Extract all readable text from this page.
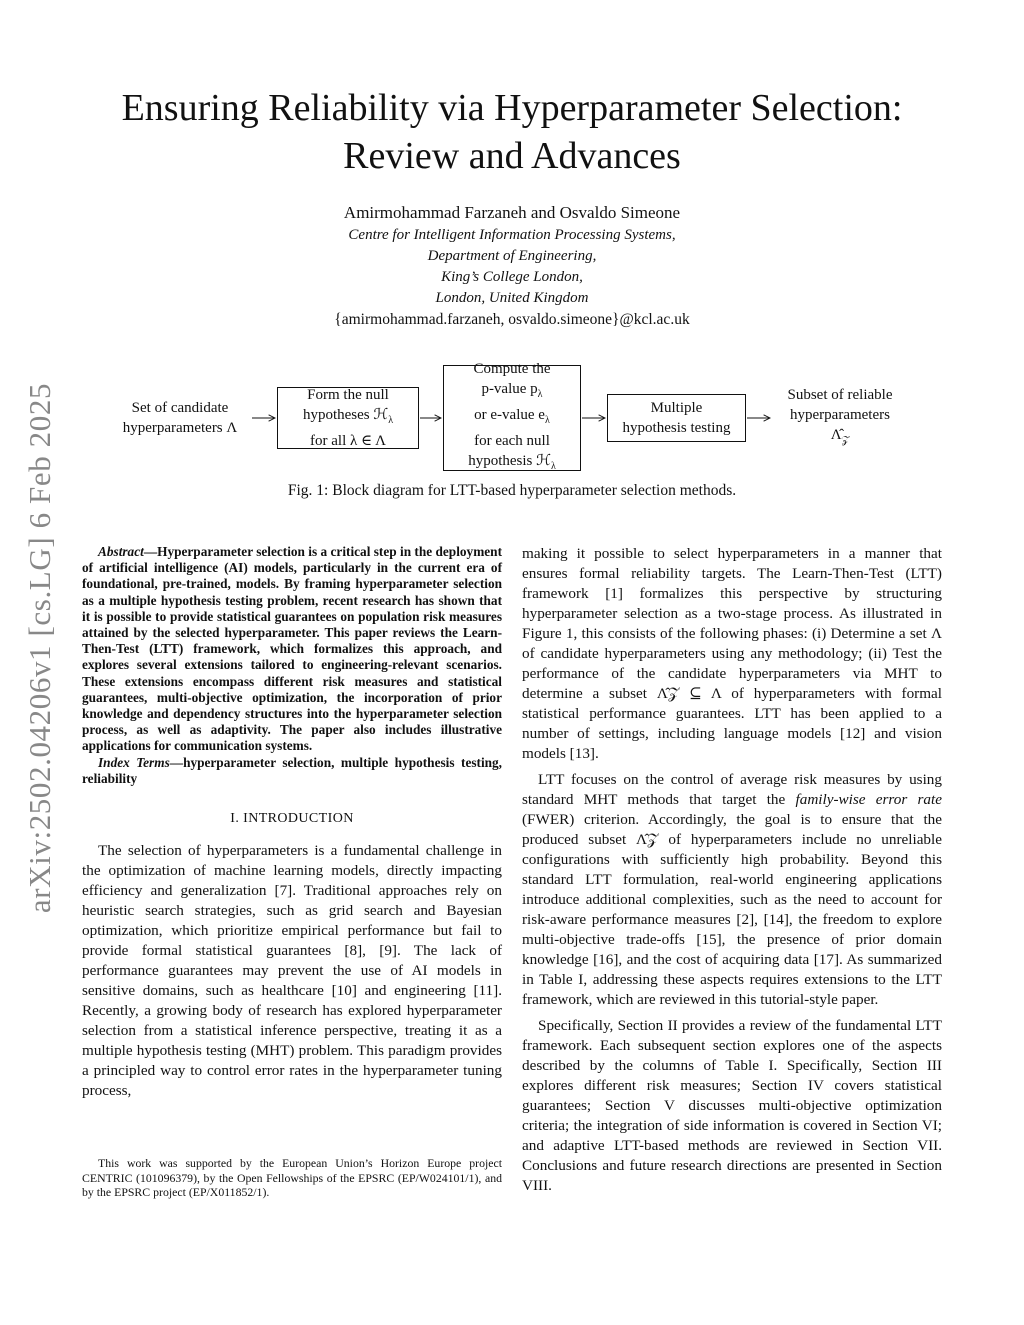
arXiv:2502.04206v1 [cs.LG] 6 Feb 2025
Ensuring Reliability via Hyperparameter Selection:
Review and Advances
Amirmohammad Farzaneh and Osvaldo Simeone
Centre for Intelligent Information Processing Systems,
Department of Engineering,
King’s College London,
London, United Kingdom
{amirmohammad.farzaneh, osvaldo.simeone}@kcl.ac.uk
Set of candidate
hyperparameters Λ
Form the null
hypotheses ℋ$_\lambda$
for all λ ∈ Λ
Compute the
p-value $p_\lambda$
or e-value $e_\lambda$
for each null
hypothesis ℋ$_\lambda$
Multiple
hypothesis testing
Subset of reliable
hyperparameters
$\Lambdâ_𝒵$
Fig. 1: Block diagram for LTT-based hyperparameter selection methods.

Abstract—Hyperparameter selection is a critical step in the deployment of artificial intelligence (AI) models, particularly in the current era of foundational, pre-trained, models. By framing hyperparameter selection as a multiple hypothesis testing problem, recent research has shown that it is possible to provide statistical guarantees on population risk measures attained by the selected hyperparameter. This paper reviews the Learn-Then-Test (LTT) framework, which formalizes this approach, and explores several extensions tailored to engineering-relevant scenarios. These extensions encompass different risk measures and statistical guarantees, multi-objective optimization, the incorporation of prior knowledge and dependency structures into the hyperparameter selection process, as well as adaptivity. The paper also includes illustrative applications for communication systems.

Index Terms—hyperparameter selection, multiple hypothesis testing, reliability

I. INTRODUCTION

The selection of hyperparameters is a fundamental challenge in the optimization of machine learning models, directly impacting efficiency and generalization [7]. Traditional approaches rely on heuristic search strategies, such as grid search and Bayesian optimization, which prioritize empirical performance but fail to provide formal statistical guarantees [8], [9]. The lack of performance guarantees may prevent the use of AI models in sensitive domains, such as healthcare [10] and engineering [11]. Recently, a growing body of research has explored hyperparameter selection from a statistical inference perspective, treating it as a multiple hypothesis testing (MHT) problem. This paradigm provides a principled way to control error rates in the hyperparameter tuning process,

This work was supported by the European Union’s Horizon Europe project CENTRIC (101096379), by the Open Fellowships of the EPSRC (EP/W024101/1), and by the EPSRC project (EP/X011852/1).

making it possible to select hyperparameters in a manner that ensures formal reliability targets. The Learn-Then-Test (LTT) framework [1] formalizes this perspective by structuring hyperparameter selection as a two-stage process. As illustrated in Figure 1, this consists of the following phases: (i) Determine a set Λ of candidate hyperparameters using any methodology; (ii) Test the performance of the candidate hyperparameters via MHT to determine a subset Λ̂𝒵 ⊆ Λ of hyperparameters with formal statistical performance guarantees. LTT has been applied to a number of settings, including language models [12] and vision models [13].

LTT focuses on the control of average risk measures by using standard MHT methods that target the family-wise error rate (FWER) criterion. Accordingly, the goal is to ensure that the produced subset Λ̂𝒵 of hyperparameters include no unreliable configurations with sufficiently high probability. Beyond this standard LTT formulation, real-world engineering applications introduce additional complexities, such as the need to account for risk-aware performance measures [2], [14], the freedom to explore multi-objective trade-offs [15], the presence of prior domain knowledge [16], and the cost of acquiring data [17]. As summarized in Table I, addressing these aspects requires extensions to the LTT framework, which are reviewed in this tutorial-style paper.

Specifically, Section II provides a review of the fundamental LTT framework. Each subsequent section explores one of the aspects described by the columns of Table I. Specifically, Section III explores different risk measures; Section IV covers statistical guarantees; Section V discusses multi-objective optimization criteria; the integration of side information is covered in Section VI; and adaptive LTT-based methods are reviewed in Section VII. Conclusions and future research directions are presented in Section VIII.
